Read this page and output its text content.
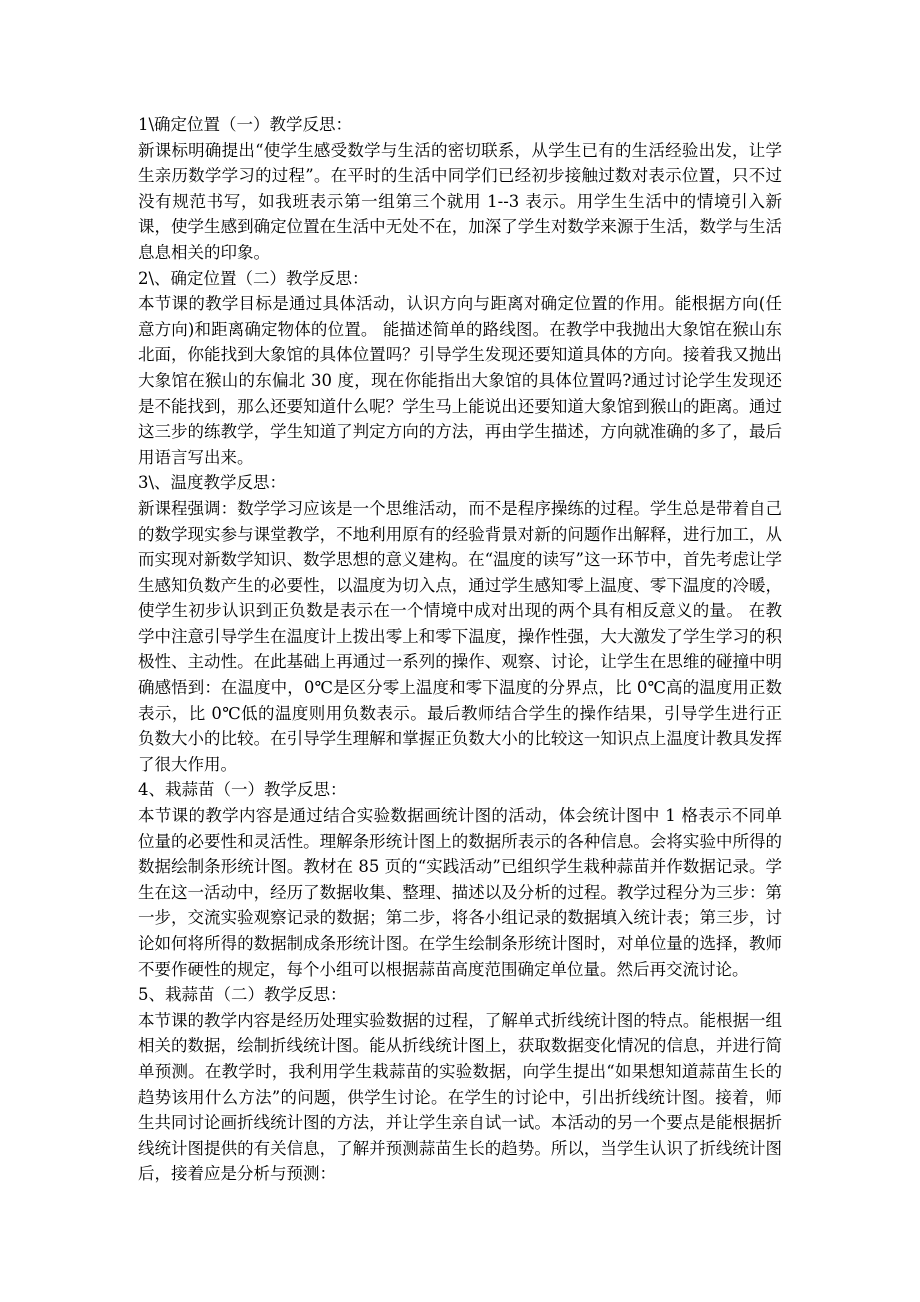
1\确定位置（一）教学反思：

新课标明确提出“使学生感受数学与生活的密切联系，从学生已有的生活经验出发，让学生亲历数学学习的过程”。在平时的生活中同学们已经初步接触过数对表示位置，只不过没有规范书写，如我班表示第一组第三个就用 1--3 表示。用学生生活中的情境引入新课，使学生感到确定位置在生活中无处不在，加深了学生对数学来源于生活，数学与生活息息相关的印象。

2\、确定位置（二）教学反思：

本节课的教学目标是通过具体活动，认识方向与距离对确定位置的作用。能根据方向(任意方向)和距离确定物体的位置。 能描述简单的路线图。在教学中我抛出大象馆在猴山东北面，你能找到大象馆的具体位置吗？引导学生发现还要知道具体的方向。接着我又抛出大象馆在猴山的东偏北 30 度，现在你能指出大象馆的具体位置吗?通过讨论学生发现还是不能找到，那么还要知道什么呢？学生马上能说出还要知道大象馆到猴山的距离。通过这三步的练教学，学生知道了判定方向的方法，再由学生描述，方向就准确的多了，最后用语言写出来。

3\、温度教学反思：

新课程强调：数学学习应该是一个思维活动，而不是程序操练的过程。学生总是带着自己的数学现实参与课堂教学，不地利用原有的经验背景对新的问题作出解释，进行加工，从而实现对新数学知识、数学思想的意义建构。在“温度的读写”这一环节中，首先考虑让学生感知负数产生的必要性，以温度为切入点，通过学生感知零上温度、零下温度的冷暖，使学生初步认识到正负数是表示在一个情境中成对出现的两个具有相反意义的量。 在教学中注意引导学生在温度计上拨出零上和零下温度，操作性强，大大激发了学生学习的积极性、主动性。在此基础上再通过一系列的操作、观察、讨论，让学生在思维的碰撞中明确感悟到：在温度中，0℃是区分零上温度和零下温度的分界点，比 0℃高的温度用正数表示，比 0℃低的温度则用负数表示。最后教师结合学生的操作结果，引导学生进行正负数大小的比较。在引导学生理解和掌握正负数大小的比较这一知识点上温度计教具发挥了很大作用。

4、栽蒜苗（一）教学反思：

本节课的教学内容是通过结合实验数据画统计图的活动，体会统计图中 1 格表示不同单位量的必要性和灵活性。理解条形统计图上的数据所表示的各种信息。会将实验中所得的数据绘制条形统计图。教材在 85 页的“实践活动”已组织学生栽种蒜苗并作数据记录。学生在这一活动中，经历了数据收集、整理、描述以及分析的过程。教学过程分为三步：第一步，交流实验观察记录的数据；第二步，将各小组记录的数据填入统计表；第三步，讨论如何将所得的数据制成条形统计图。在学生绘制条形统计图时，对单位量的选择，教师不要作硬性的规定，每个小组可以根据蒜苗高度范围确定单位量。然后再交流讨论。

5、栽蒜苗（二）教学反思：

本节课的教学内容是经历处理实验数据的过程，了解单式折线统计图的特点。能根据一组相关的数据，绘制折线统计图。能从折线统计图上，获取数据变化情况的信息，并进行简单预测。在教学时，我利用学生栽蒜苗的实验数据，向学生提出“如果想知道蒜苗生长的趋势该用什么方法”的问题，供学生讨论。在学生的讨论中，引出折线统计图。接着，师生共同讨论画折线统计图的方法，并让学生亲自试一试。本活动的另一个要点是能根据折线统计图提供的有关信息，了解并预测蒜苗生长的趋势。所以，当学生认识了折线统计图后，接着应是分析与预测：
